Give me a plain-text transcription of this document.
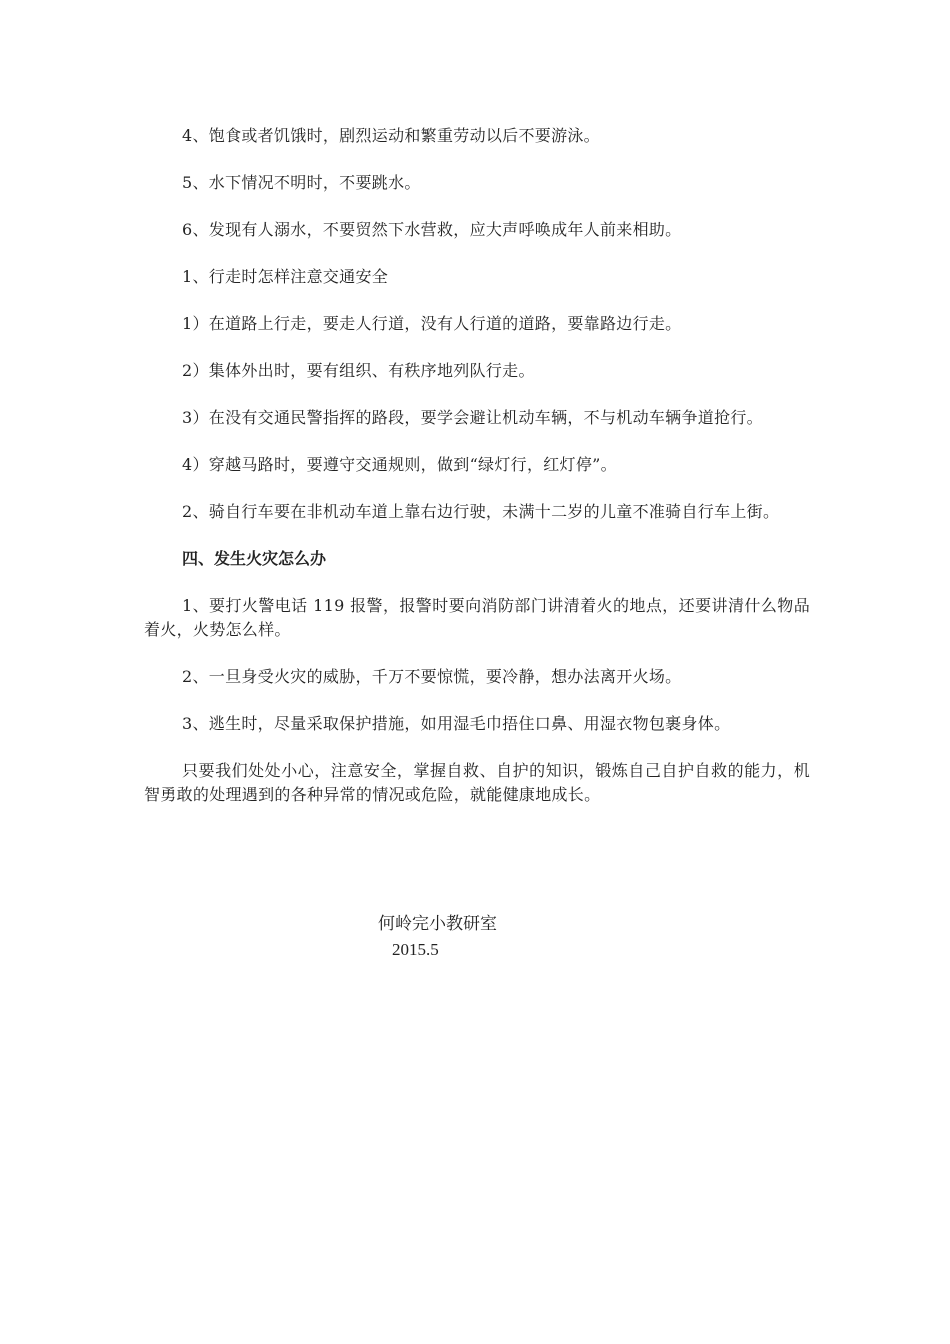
4、饱食或者饥饿时，剧烈运动和繁重劳动以后不要游泳。

5、水下情况不明时，不要跳水。

6、发现有人溺水，不要贸然下水营救，应大声呼唤成年人前来相助。

1、行走时怎样注意交通安全

1）在道路上行走，要走人行道，没有人行道的道路，要靠路边行走。

2）集体外出时，要有组织、有秩序地列队行走。

3）在没有交通民警指挥的路段，要学会避让机动车辆，不与机动车辆争道抢行。

4）穿越马路时，要遵守交通规则，做到“绿灯行，红灯停”。

2、骑自行车要在非机动车道上靠右边行驶，未满十二岁的儿童不准骑自行车上街。

四、发生火灾怎么办

1、要打火警电话 119 报警，报警时要向消防部门讲清着火的地点，还要讲清什么物品着火，火势怎么样。

2、一旦身受火灾的威胁，千万不要惊慌，要冷静，想办法离开火场。

3、逃生时，尽量采取保护措施，如用湿毛巾捂住口鼻、用湿衣物包裹身体。

只要我们处处小心，注意安全，掌握自救、自护的知识，锻炼自己自护自救的能力，机智勇敢的处理遇到的各种异常的情况或危险，就能健康地成长。

何岭完小教研室
2015.5
